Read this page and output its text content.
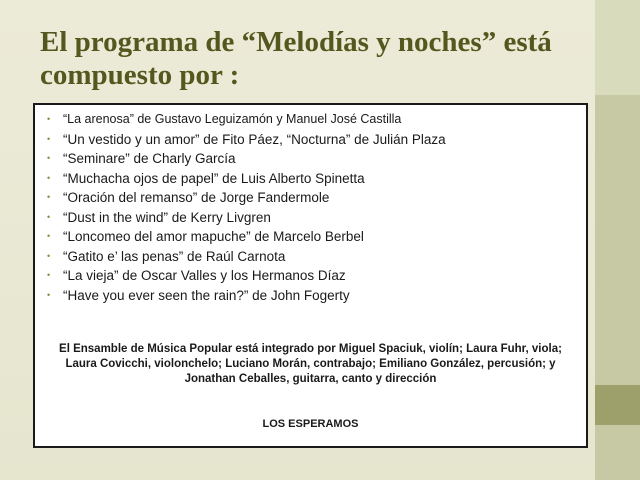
El programa de “Melodías y noches” está
compuesto por :
• “La arenosa” de Gustavo Leguizamón y Manuel José Castilla
• “Un vestido y un amor” de Fito Páez, “Nocturna” de Julián Plaza
• “Seminare” de Charly García
• “Muchacha ojos de papel” de Luis Alberto Spinetta
• “Oración del remanso” de Jorge Fandermole
• “Dust in the wind” de Kerry Livgren
• “Loncomeo del amor mapuche” de Marcelo Berbel
• “Gatito e’ las penas” de Raúl Carnota
• “La vieja” de Oscar Valles y los Hermanos Díaz
• “Have you ever seen the rain?” de John Fogerty

El Ensamble de Música Popular está integrado por Miguel Spaciuk, violín; Laura Fuhr, viola; Laura Covicchi, violonchelo; Luciano Morán, contrabajo; Emiliano González, percusión; y Jonathan Ceballes, guitarra, canto y dirección

LOS ESPERAMOS
